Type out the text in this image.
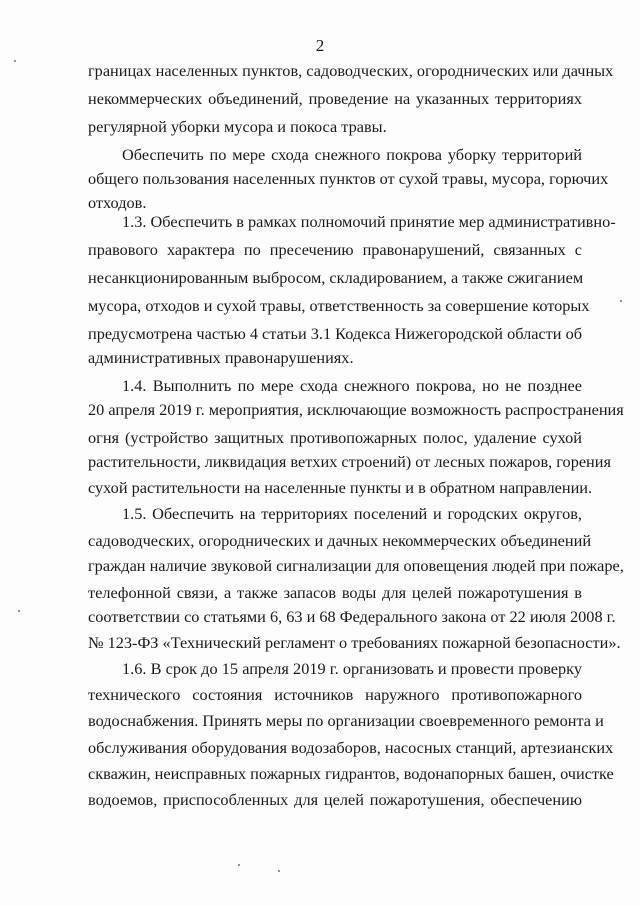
2
границах населенных пунктов, садоводческих, огороднических или дачных
некоммерческих объединений, проведение на указанных территориях
регулярной уборки мусора и покоса травы.
Обеспечить по мере схода снежного покрова уборку территорий
общего пользования населенных пунктов от сухой травы, мусора, горючих
отходов.
1.3. Обеспечить в рамках полномочий принятие мер административно-
правового характера по пресечению правонарушений, связанных с
несанкционированным выбросом, складированием, а также сжиганием
мусора, отходов и сухой травы, ответственность за совершение которых
предусмотрена частью 4 статьи 3.1 Кодекса Нижегородской области об
административных правонарушениях.
1.4. Выполнить по мере схода снежного покрова, но не позднее
20 апреля 2019 г. мероприятия, исключающие возможность распространения
огня (устройство защитных противопожарных полос, удаление сухой
растительности, ликвидация ветхих строений) от лесных пожаров, горения
сухой растительности на населенные пункты и в обратном направлении.
1.5. Обеспечить на территориях поселений и городских округов,
садоводческих, огороднических и дачных некоммерческих объединений
граждан наличие звуковой сигнализации для оповещения людей при пожаре,
телефонной связи, а также запасов воды для целей пожаротушения в
соответствии со статьями 6, 63 и 68 Федерального закона от 22 июля 2008 г.
№ 123-ФЗ «Технический регламент о требованиях пожарной безопасности».
1.6. В срок до 15 апреля 2019 г. организовать и провести проверку
технического состояния источников наружного противопожарного
водоснабжения. Принять меры по организации своевременного ремонта и
обслуживания оборудования водозаборов, насосных станций, артезианских
скважин, неисправных пожарных гидрантов, водонапорных башен, очистке
водоемов, приспособленных для целей пожаротушения, обеспечению
